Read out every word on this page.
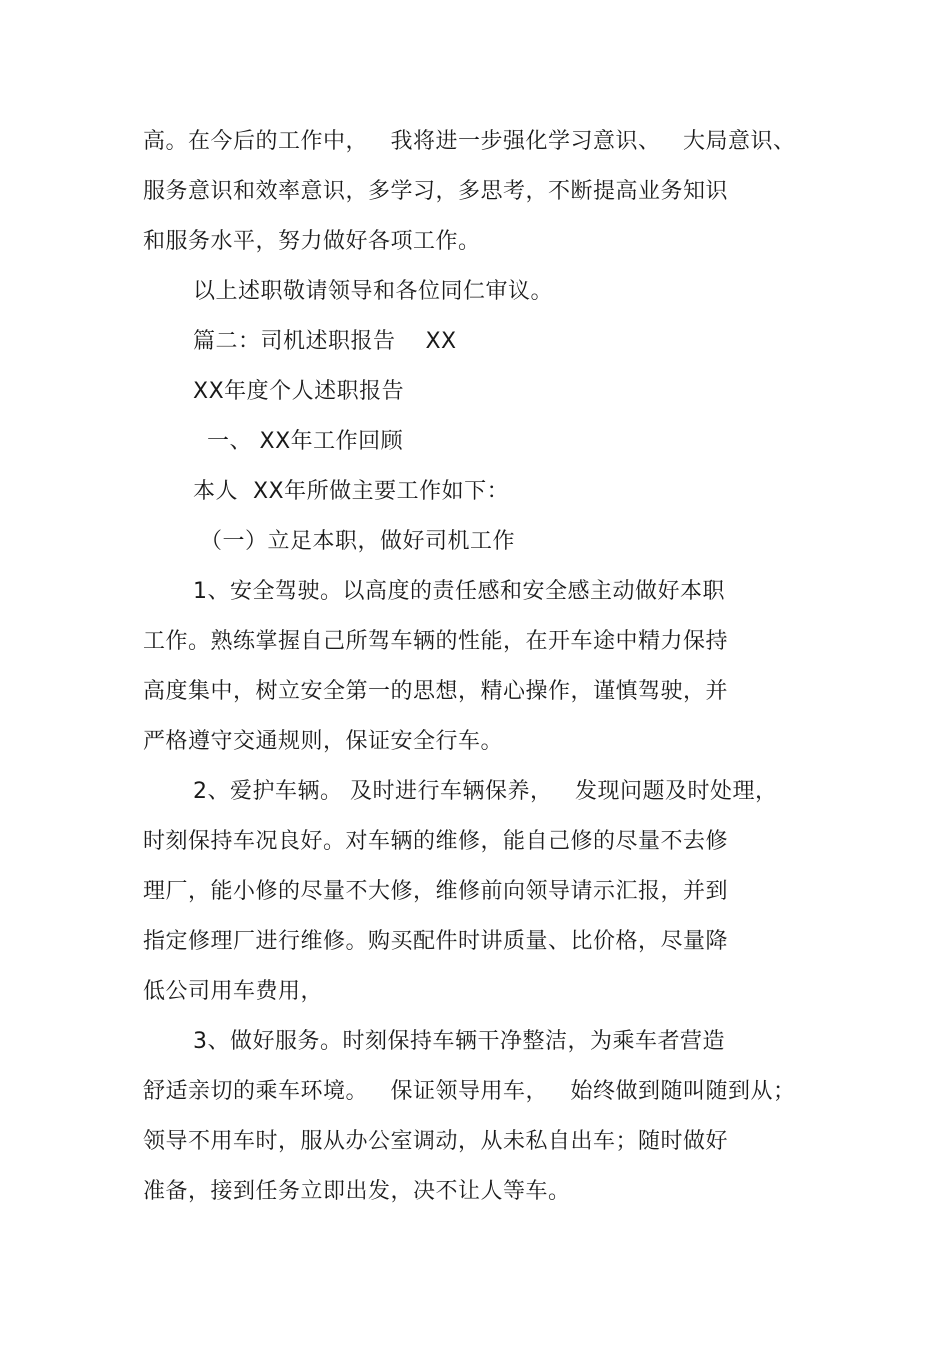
高。在今后的工作中，   我将进一步强化学习意识、   大局意识、
服务意识和效率意识，多学习，多思考，不断提高业务知识
和服务水平，努力做好各项工作。
以上述职敬请领导和各位同仁审议。
篇二：司机述职报告    XX
XX年度个人述职报告
一、 XX年工作回顾
本人  XX年所做主要工作如下：
（一）立足本职，做好司机工作
1、安全驾驶。以高度的责任感和安全感主动做好本职
工作。熟练掌握自己所驾车辆的性能，在开车途中精力保持
高度集中，树立安全第一的思想，精心操作，谨慎驾驶，并
严格遵守交通规则，保证安全行车。
2、爱护车辆。 及时进行车辆保养，   发现问题及时处理，
时刻保持车况良好。对车辆的维修，能自己修的尽量不去修
理厂，能小修的尽量不大修，维修前向领导请示汇报，并到
指定修理厂进行维修。购买配件时讲质量、比价格，尽量降
低公司用车费用，
3、做好服务。时刻保持车辆干净整洁，为乘车者营造
舒适亲切的乘车环境。   保证领导用车，   始终做到随叫随到从；
领导不用车时，服从办公室调动，从未私自出车；随时做好
准备，接到任务立即出发，决不让人等车。
